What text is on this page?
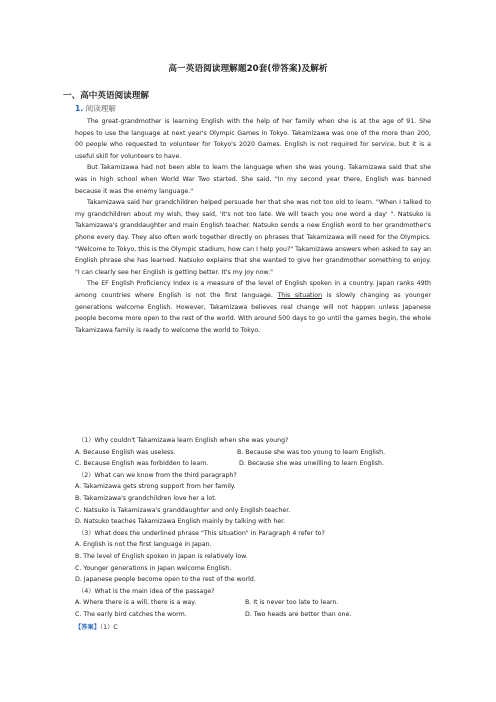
高一英语阅读理解题20套(带答案)及解析
一、高中英语阅读理解
1. 阅读理解

The great-grandmother is learning English with the help of her family when she is at the age of 91. She hopes to use the language at next year's Olympic Games in Tokyo. Takamizawa was one of the more than 200, 00 people who requested to volunteer for Tokyo's 2020 Games. English is not required for service, but it is a useful skill for volunteers to have.

But Takamizawa had not been able to learn the language when she was young. Takamizawa said that she was in high school when World War Two started. She said, "In my second year there, English was banned because it was the enemy language."

Takamizawa said her grandchildren helped persuade her that she was not too old to learn. "When I talked to my grandchildren about my wish, they said, 'It's not too late. We will teach you one word a day' ". Natsuko is Takamizawa's granddaughter and main English teacher. Natsuko sends a new English word to her grandmother's phone every day. They also often work together directly on phrases that Takamizawa will need for the Olympics. "Welcome to Tokyo, this is the Olympic stadium, how can I help you?" Takamizawa answers when asked to say an English phrase she has learned. Natsuko explains that she wanted to give her grandmother something to enjoy. "I can clearly see her English is getting better. It's my joy now."

The EF English Proficiency Index is a measure of the level of English spoken in a country. Japan ranks 49th among countries where English is not the first language. This situation is slowly changing as younger generations welcome English. However, Takamizawa believes real change will not happen unless Japanese people become more open to the rest of the world. With around 500 days to go until the games begin, the whole Takamizawa family is ready to welcome the world to Tokyo.

（1）Why couldn't Takamizawa learn English when she was young?
A. Because English was useless.	B. Because she was too young to learn English.
C. Because English was forbidden to learn.	D. Because she was unwilling to learn English.
（2）What can we know from the third paragraph?
A. Takamizawa gets strong support from her family.
B. Takamizawa's grandchildren love her a lot.
C. Natsuko is Takamizawa's granddaughter and only English teacher.
D. Natsuko teaches Takamizawa English mainly by talking with her.
（3）What does the underlined phrase "This situation" in Paragraph 4 refer to?
A. English is not the first language in Japan.
B. The level of English spoken in Japan is relatively low.
C. Younger generations in Japan welcome English.
D. Japanese people become open to the rest of the world.
（4）What is the main idea of the passage?
A. Where there is a will, there is a way.	B. It is never too late to learn.
C. The early bird catches the worm.	D. Two heads are better than one.
【答案】（1）C
